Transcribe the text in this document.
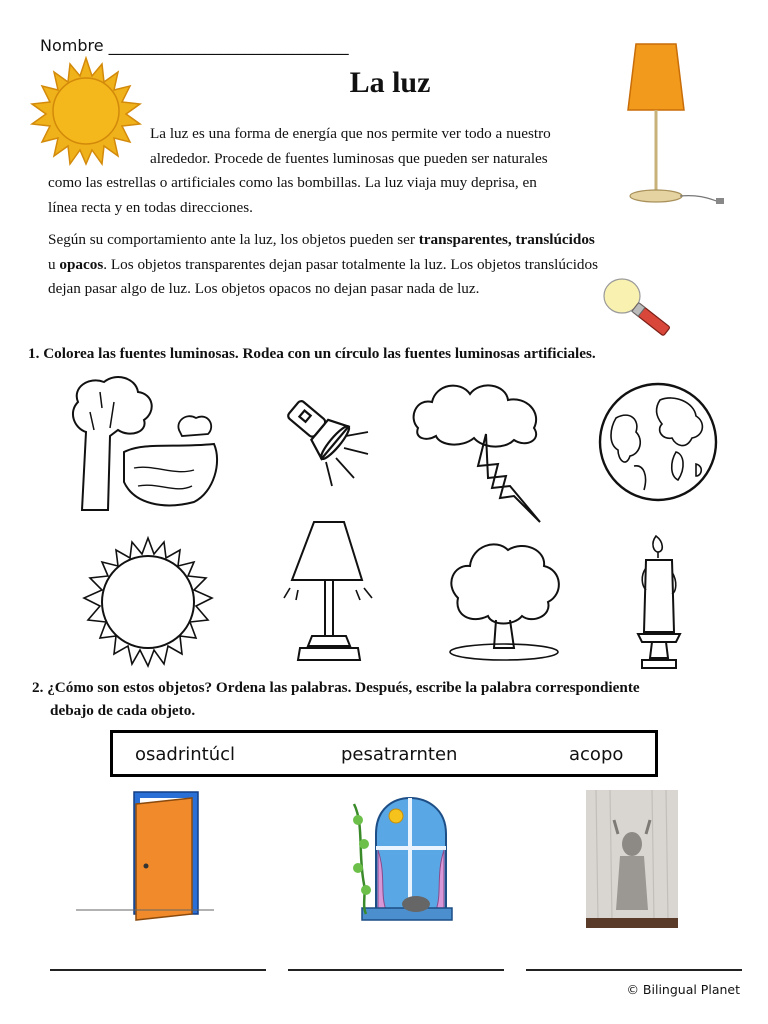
Nombre ______________________________
La luz
La luz es una forma de energía que nos permite ver todo a nuestro
alrededor. Procede de fuentes luminosas que pueden ser naturales
como las estrellas o artificiales como las bombillas. La luz viaja muy deprisa, en
línea recta y en todas direcciones.
Según su comportamiento ante la luz, los objetos pueden ser transparentes, translúcidos
u opacos. Los objetos transparentes dejan pasar totalmente la luz. Los objetos translúcidos
dejan pasar algo de luz. Los objetos opacos no dejan pasar nada de luz.
1. Colorea las fuentes luminosas. Rodea con un círculo las fuentes luminosas artificiales.
2. ¿Cómo son estos objetos? Ordena las palabras. Después, escribe la palabra correspondiente
debajo de cada objeto.
osadrintúcl	pesatrarnten	acopo
© Bilingual Planet
